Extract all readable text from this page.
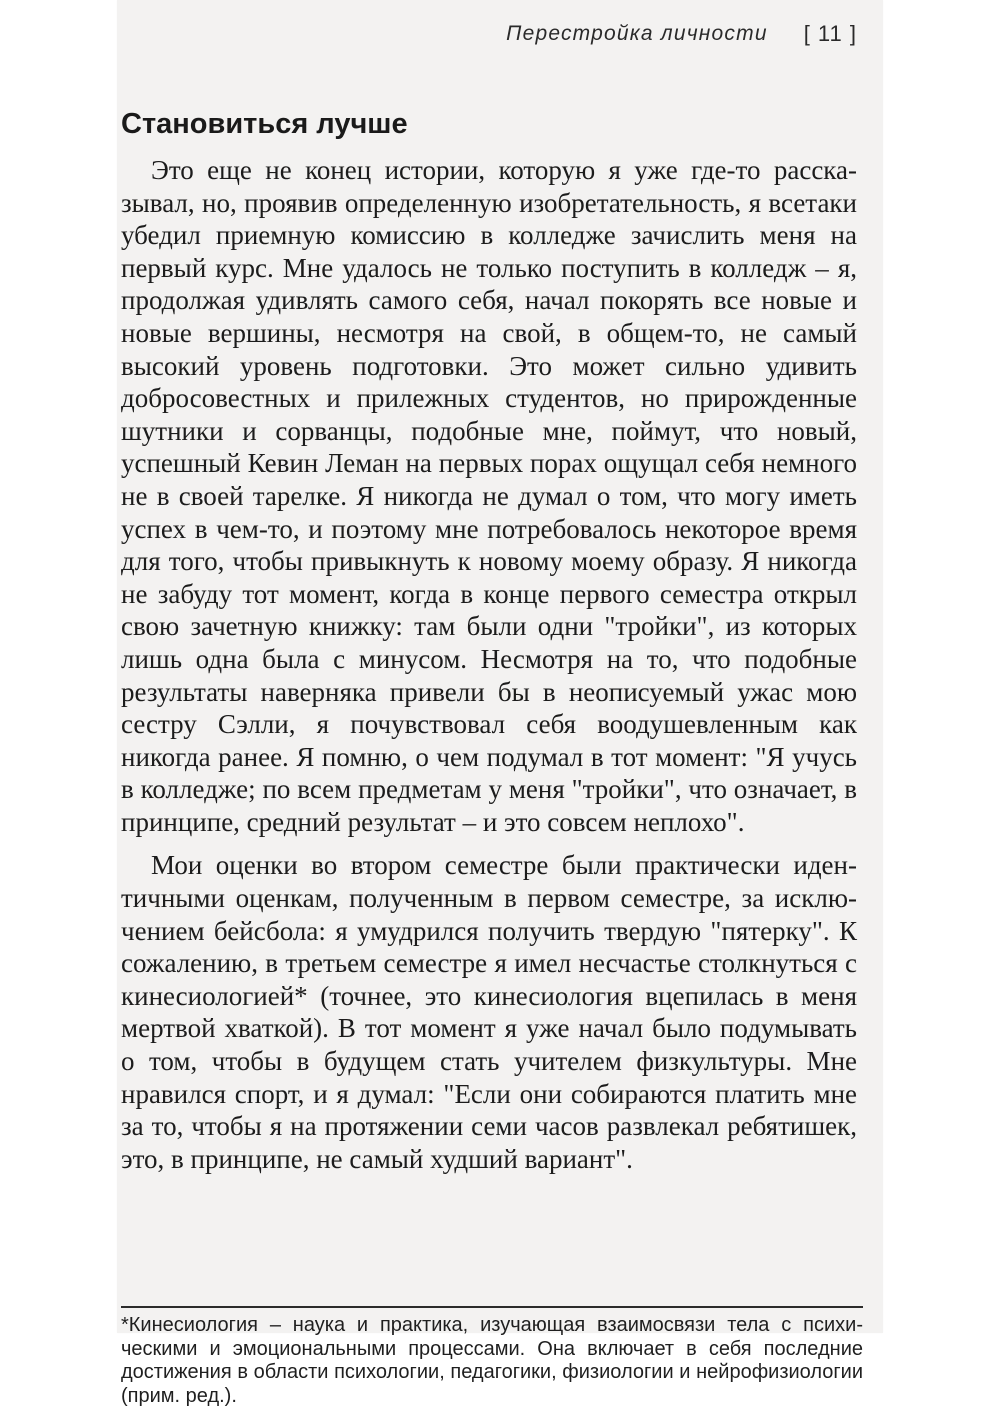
Перестройка личности [ 11 ]
Становиться лучше

Это еще не конец истории, которую я уже где-то рассказывал, но, проявив определенную изобретательность, я всетаки убедил приемную комиссию в колледже зачислить меня на первый курс. Мне удалось не только поступить в колледж – я, продолжая удивлять самого себя, начал покорять все новые и новые вершины, несмотря на свой, в общем-то, не самый высокий уровень подготовки. Это может сильно удивить добросовестных и прилежных студентов, но прирожденные шутники и сорванцы, подобные мне, поймут, что новый, успешный Кевин Леман на первых порах ощущал себя немного не в своей тарелке. Я никогда не думал о том, что могу иметь успех в чем-то, и поэтому мне потребовалось некоторое время для того, чтобы привыкнуть к новому моему образу. Я никогда не забуду тот момент, когда в конце первого семестра открыл свою зачетную книжку: там были одни "тройки", из которых лишь одна была с минусом. Несмотря на то, что подобные результаты наверняка привели бы в неописуемый ужас мою сестру Сэлли, я почувствовал себя воодушевленным как никогда ранее. Я помню, о чем подумал в тот момент: "Я учусь в колледже; по всем предметам у меня "тройки", что означает, в принципе, средний результат – и это совсем неплохо".

Мои оценки во втором семестре были практически идентичными оценкам, полученным в первом семестре, за исключением бейсбола: я умудрился получить твердую "пятерку". К сожалению, в третьем семестре я имел несчастье столкнуться с кинесиологией* (точнее, это кинесиология вцепилась в меня мертвой хваткой). В тот момент я уже начал было подумывать о том, чтобы в будущем стать учителем физкультуры. Мне нравился спорт, и я думал: "Если они собираются платить мне за то, чтобы я на протяжении семи часов развлекал ребятишек, это, в принципе, не самый худший вариант".

*Кинесиология – наука и практика, изучающая взаимосвязи тела с психическими и эмоциональными процессами. Она включает в себя последние достижения в области психологии, педагогики, физиологии и нейрофизиологии (прим. ред.).
